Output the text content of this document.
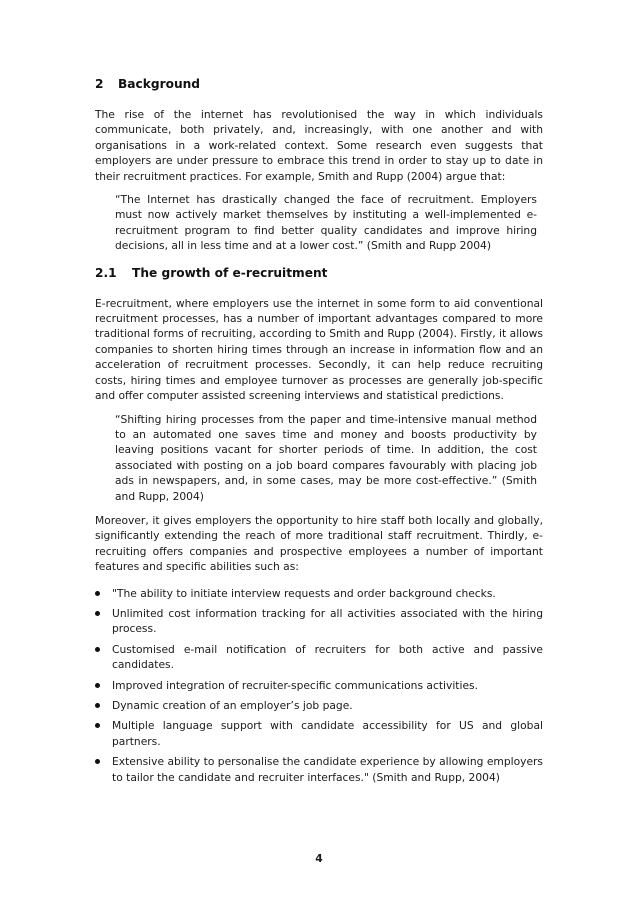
2 Background

The rise of the internet has revolutionised the way in which individuals communicate, both privately, and, increasingly, with one another and with organisations in a work-related context. Some research even suggests that employers are under pressure to embrace this trend in order to stay up to date in their recruitment practices. For example, Smith and Rupp (2004) argue that:

“The Internet has drastically changed the face of recruitment. Employers must now actively market themselves by instituting a well-implemented e-recruitment program to find better quality candidates and improve hiring decisions, all in less time and at a lower cost.” (Smith and Rupp 2004)

2.1 The growth of e-recruitment

E-recruitment, where employers use the internet in some form to aid conventional recruitment processes, has a number of important advantages compared to more traditional forms of recruiting, according to Smith and Rupp (2004). Firstly, it allows companies to shorten hiring times through an increase in information flow and an acceleration of recruitment processes. Secondly, it can help reduce recruiting costs, hiring times and employee turnover as processes are generally job-specific and offer computer assisted screening interviews and statistical predictions.

“Shifting hiring processes from the paper and time-intensive manual method to an automated one saves time and money and boosts productivity by leaving positions vacant for shorter periods of time. In addition, the cost associated with posting on a job board compares favourably with placing job ads in newspapers, and, in some cases, may be more cost-effective.” (Smith and Rupp, 2004)

Moreover, it gives employers the opportunity to hire staff both locally and globally, significantly extending the reach of more traditional staff recruitment. Thirdly, e-recruiting offers companies and prospective employees a number of important features and specific abilities such as:

"The ability to initiate interview requests and order background checks.
Unlimited cost information tracking for all activities associated with the hiring process.
Customised e-mail notification of recruiters for both active and passive candidates.
Improved integration of recruiter-specific communications activities.
Dynamic creation of an employer’s job page.
Multiple language support with candidate accessibility for US and global partners.
Extensive ability to personalise the candidate experience by allowing employers to tailor the candidate and recruiter interfaces." (Smith and Rupp, 2004)
4
